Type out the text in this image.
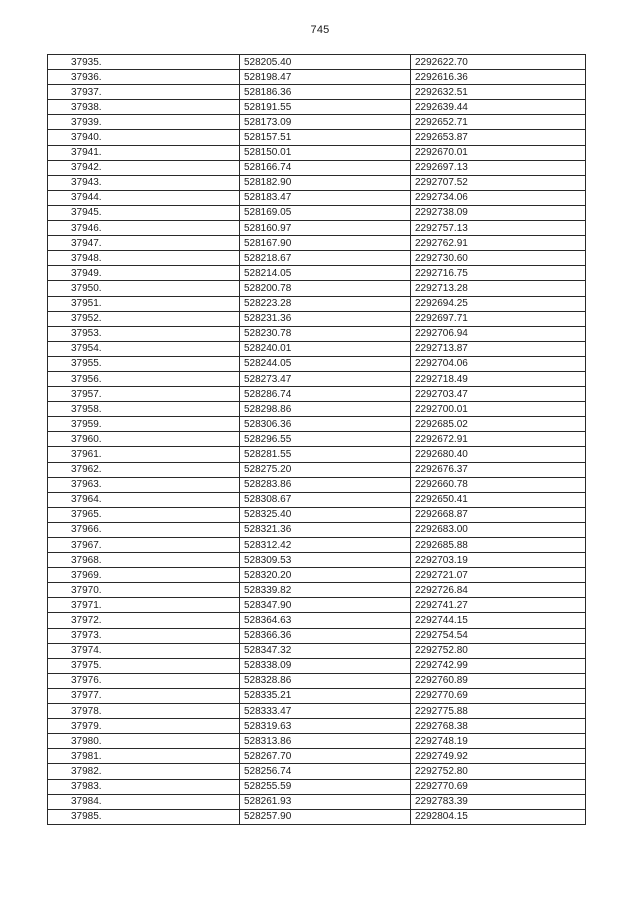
745
37935.	528205.40	2292622.70
37936.	528198.47	2292616.36
37937.	528186.36	2292632.51
37938.	528191.55	2292639.44
37939.	528173.09	2292652.71
37940.	528157.51	2292653.87
37941.	528150.01	2292670.01
37942.	528166.74	2292697.13
37943.	528182.90	2292707.52
37944.	528183.47	2292734.06
37945.	528169.05	2292738.09
37946.	528160.97	2292757.13
37947.	528167.90	2292762.91
37948.	528218.67	2292730.60
37949.	528214.05	2292716.75
37950.	528200.78	2292713.28
37951.	528223.28	2292694.25
37952.	528231.36	2292697.71
37953.	528230.78	2292706.94
37954.	528240.01	2292713.87
37955.	528244.05	2292704.06
37956.	528273.47	2292718.49
37957.	528286.74	2292703.47
37958.	528298.86	2292700.01
37959.	528306.36	2292685.02
37960.	528296.55	2292672.91
37961.	528281.55	2292680.40
37962.	528275.20	2292676.37
37963.	528283.86	2292660.78
37964.	528308.67	2292650.41
37965.	528325.40	2292668.87
37966.	528321.36	2292683.00
37967.	528312.42	2292685.88
37968.	528309.53	2292703.19
37969.	528320.20	2292721.07
37970.	528339.82	2292726.84
37971.	528347.90	2292741.27
37972.	528364.63	2292744.15
37973.	528366.36	2292754.54
37974.	528347.32	2292752.80
37975.	528338.09	2292742.99
37976.	528328.86	2292760.89
37977.	528335.21	2292770.69
37978.	528333.47	2292775.88
37979.	528319.63	2292768.38
37980.	528313.86	2292748.19
37981.	528267.70	2292749.92
37982.	528256.74	2292752.80
37983.	528255.59	2292770.69
37984.	528261.93	2292783.39
37985.	528257.90	2292804.15
